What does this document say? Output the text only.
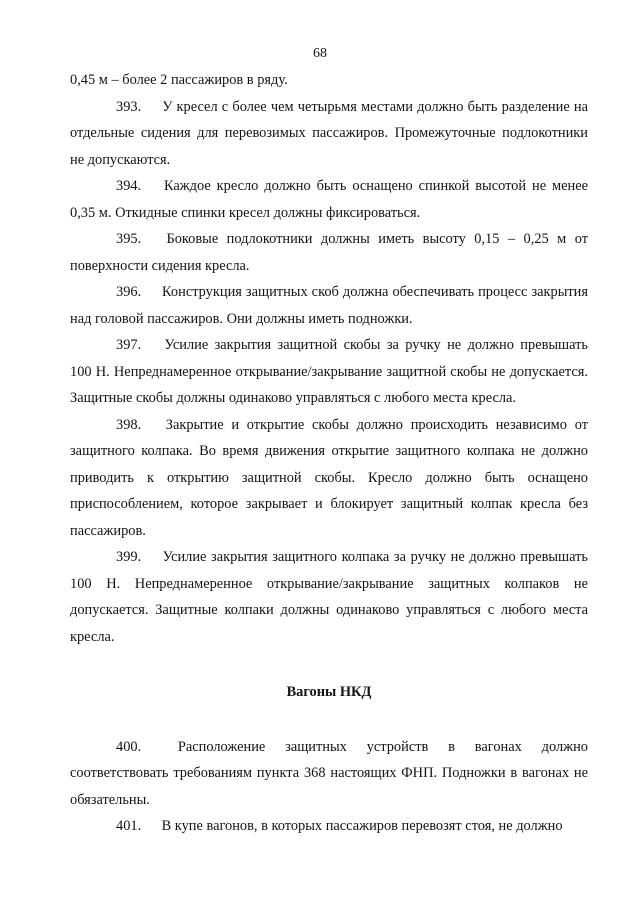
68

0,45 м – более 2 пассажиров в ряду.

393. У кресел с более чем четырьмя местами должно быть разделение на отдельные сидения для перевозимых пассажиров. Промежуточные подлокотники не допускаются.

394. Каждое кресло должно быть оснащено спинкой высотой не менее 0,35 м. Откидные спинки кресел должны фиксироваться.

395. Боковые подлокотники должны иметь высоту 0,15 – 0,25 м от поверхности сидения кресла.

396. Конструкция защитных скоб должна обеспечивать процесс закрытия над головой пассажиров. Они должны иметь подножки.

397. Усилие закрытия защитной скобы за ручку не должно превышать 100 Н. Непреднамеренное открывание/закрывание защитной скобы не допускается. Защитные скобы должны одинаково управляться с любого места кресла.

398. Закрытие и открытие скобы должно происходить независимо от защитного колпака. Во время движения открытие защитного колпака не должно приводить к открытию защитной скобы. Кресло должно быть оснащено приспособлением, которое закрывает и блокирует защитный колпак кресла без пассажиров.

399. Усилие закрытия защитного колпака за ручку не должно превышать 100 Н. Непреднамеренное открывание/закрывание защитных колпаков не допускается. Защитные колпаки должны одинаково управляться с любого места кресла.

Вагоны НКД

400.	Расположение защитных устройств в вагонах должно соответствовать требованиям пункта 368 настоящих ФНП. Подножки в вагонах не обязательны.

401. В купе вагонов, в которых пассажиров перевозят стоя, не должно
